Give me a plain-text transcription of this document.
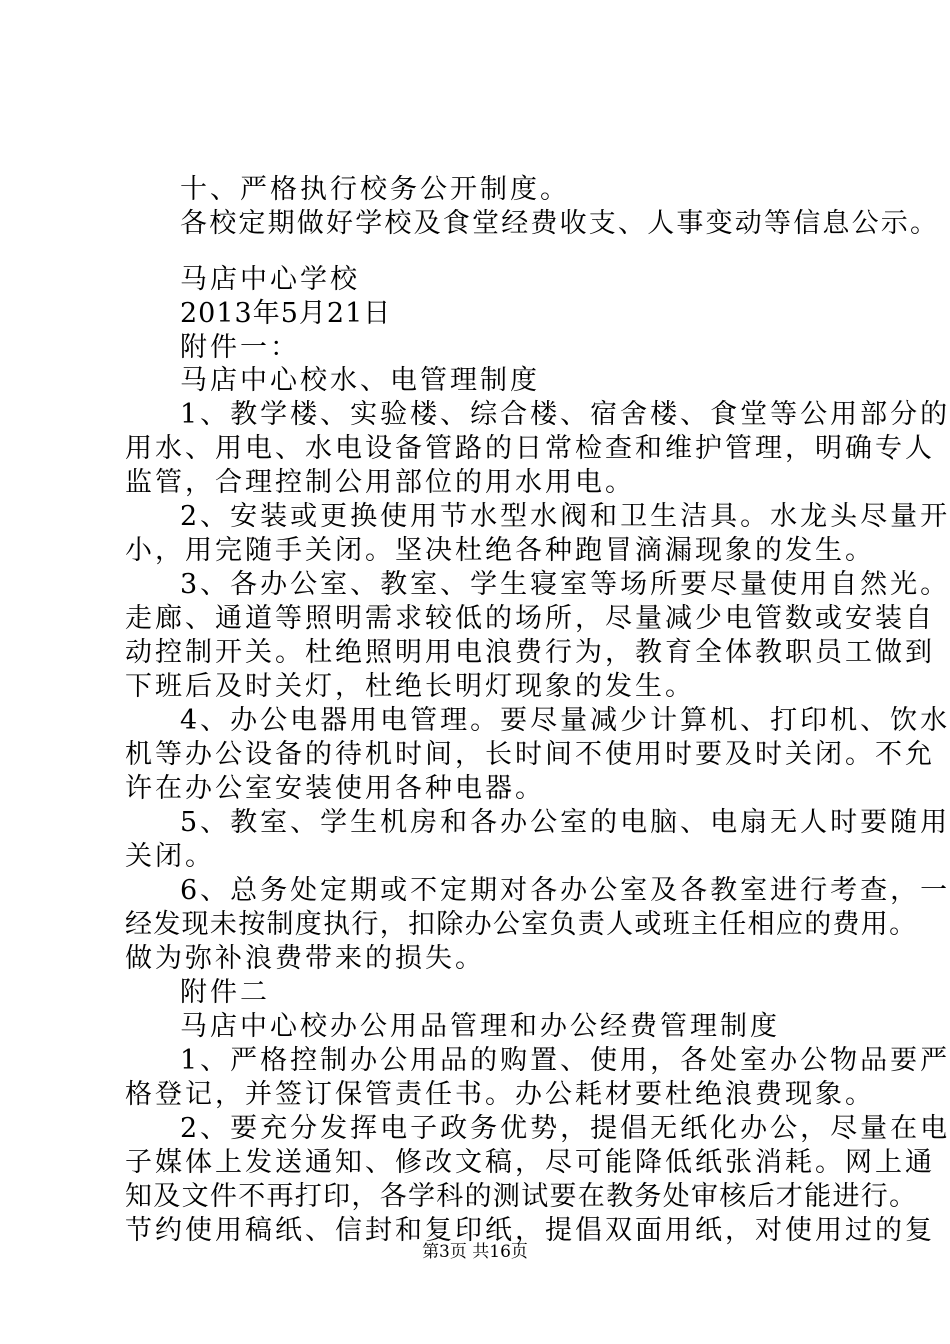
十、严格执行校务公开制度。
各校定期做好学校及食堂经费收支、人事变动等信息公示。
马店中心学校
2013年5月21日
附件一：
马店中心校水、电管理制度
1、教学楼、实验楼、综合楼、宿舍楼、食堂等公用部分的
用水、用电、水电设备管路的日常检查和维护管理，明确专人
监管，合理控制公用部位的用水用电。
2、安装或更换使用节水型水阀和卫生洁具。水龙头尽量开
小，用完随手关闭。坚决杜绝各种跑冒滴漏现象的发生。
3、各办公室、教室、学生寝室等场所要尽量使用自然光。
走廊、通道等照明需求较低的场所，尽量减少电管数或安装自
动控制开关。杜绝照明用电浪费行为，教育全体教职员工做到
下班后及时关灯，杜绝长明灯现象的发生。
4、办公电器用电管理。要尽量减少计算机、打印机、饮水
机等办公设备的待机时间，长时间不使用时要及时关闭。不允
许在办公室安装使用各种电器。
5、教室、学生机房和各办公室的电脑、电扇无人时要随用
关闭。
6、总务处定期或不定期对各办公室及各教室进行考查，一
经发现未按制度执行，扣除办公室负责人或班主任相应的费用。
做为弥补浪费带来的损失。
附件二
马店中心校办公用品管理和办公经费管理制度
1、严格控制办公用品的购置、使用，各处室办公物品要严
格登记，并签订保管责任书。办公耗材要杜绝浪费现象。
2、要充分发挥电子政务优势，提倡无纸化办公，尽量在电
子媒体上发送通知、修改文稿，尽可能降低纸张消耗。网上通
知及文件不再打印，各学科的测试要在教务处审核后才能进行。
节约使用稿纸、信封和复印纸，提倡双面用纸，对使用过的复
第3页 共16页
